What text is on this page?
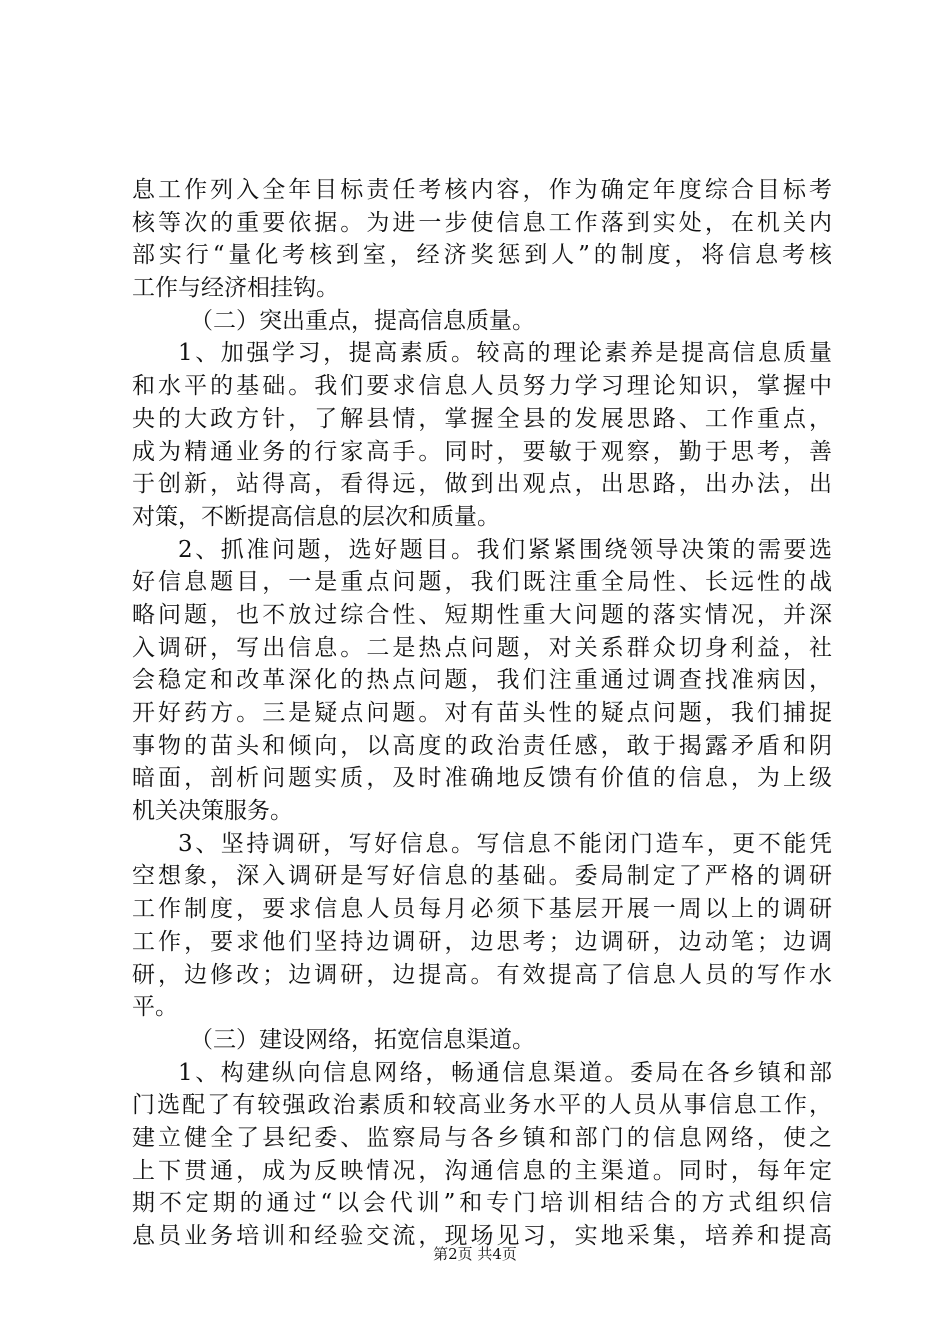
息工作列入全年目标责任考核内容，作为确定年度综合目标考
核等次的重要依据。为进一步使信息工作落到实处，在机关内
部实行“量化考核到室，经济奖惩到人”的制度，将信息考核
工作与经济相挂钩。
（二）突出重点，提高信息质量。
1、加强学习，提高素质。较高的理论素养是提高信息质量
和水平的基础。我们要求信息人员努力学习理论知识，掌握中
央的大政方针，了解县情，掌握全县的发展思路、工作重点，
成为精通业务的行家高手。同时，要敏于观察，勤于思考，善
于创新，站得高，看得远，做到出观点，出思路，出办法，出
对策，不断提高信息的层次和质量。
2、抓准问题，选好题目。我们紧紧围绕领导决策的需要选
好信息题目，一是重点问题，我们既注重全局性、长远性的战
略问题，也不放过综合性、短期性重大问题的落实情况，并深
入调研，写出信息。二是热点问题，对关系群众切身利益，社
会稳定和改革深化的热点问题，我们注重通过调查找准病因，
开好药方。三是疑点问题。对有苗头性的疑点问题，我们捕捉
事物的苗头和倾向，以高度的政治责任感，敢于揭露矛盾和阴
暗面，剖析问题实质，及时准确地反馈有价值的信息，为上级
机关决策服务。
3、坚持调研，写好信息。写信息不能闭门造车，更不能凭
空想象，深入调研是写好信息的基础。委局制定了严格的调研
工作制度，要求信息人员每月必须下基层开展一周以上的调研
工作，要求他们坚持边调研，边思考；边调研，边动笔；边调
研，边修改；边调研，边提高。有效提高了信息人员的写作水
平。
（三）建设网络，拓宽信息渠道。
1、构建纵向信息网络，畅通信息渠道。委局在各乡镇和部
门选配了有较强政治素质和较高业务水平的人员从事信息工作，
建立健全了县纪委、监察局与各乡镇和部门的信息网络，使之
上下贯通，成为反映情况，沟通信息的主渠道。同时，每年定
期不定期的通过“以会代训”和专门培训相结合的方式组织信
息员业务培训和经验交流，现场见习，实地采集，培养和提高
第2页 共4页
